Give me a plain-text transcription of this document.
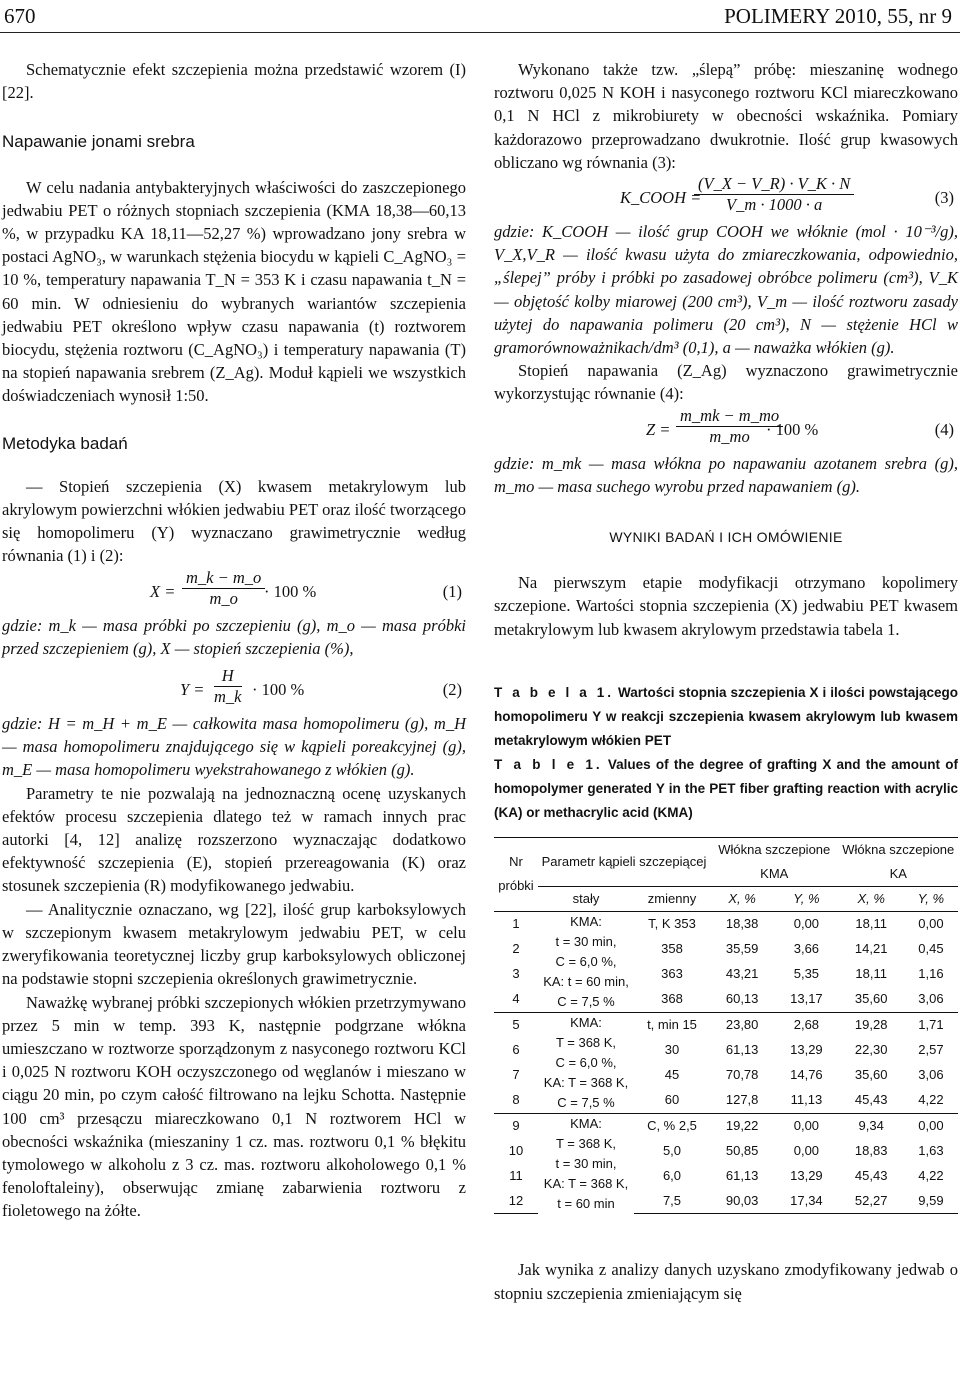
670	POLIMERY 2010, 55, nr 9

Schematycznie efekt szczepienia można przedstawić wzorem (I) [22].

Napawanie jonami srebra

W celu nadania antybakteryjnych właściwości do zaszczepionego jedwabiu PET o różnych stopniach szczepienia (KMA 18,38—60,13 %, w przypadku KA 18,11—52,27 %) wprowadzano jony srebra w postaci AgNO₃, w warunkach stężenia biocydu w kąpieli C_AgNO₃ = 10 %, temperatury napawania T_N = 353 K i czasu napawania t_N = 60 min. W odniesieniu do wybranych wariantów szczepienia jedwabiu PET określono wpływ czasu napawania (t) roztworem biocydu, stężenia roztworu (C_AgNO₃) i temperatury napawania (T) na stopień napawania srebrem (Z_Ag). Moduł kąpieli we wszystkich doświadczeniach wynosił 1:50.

Metodyka badań

— Stopień szczepienia (X) kwasem metakrylowym lub akrylowym powierzchni włókien jedwabiu PET oraz ilość tworzącego się homopolimeru (Y) wyznaczano grawimetrycznie według równania (1) i (2):

$X = \frac{m\_k - m\_o}{m\_o}$
· 100 %	(1)

gdzie: m_k — masa próbki po szczepieniu (g), m_o — masa próbki przed szczepieniem (g), X — stopień szczepienia (%),

$Y = \frac{H}{m\_k} \cdot 100$ %	(2)

gdzie: H = m_H + m_E — całkowita masa homopolimeru (g), m_H — masa homopolimeru znajdującego się w kąpieli poreakcyjnej (g), m_E — masa homopolimeru wyekstrahowanego z włókien (g).

Parametry te nie pozwalają na jednoznaczną ocenę uzyskanych efektów procesu szczepienia dlatego też w ramach innych prac autorki [4, 12] analizę rozszerzono wyznaczając dodatkowo efektywność szczepienia (E), stopień przereagowania (K) oraz stosunek szczepienia (R) modyfikowanego jedwabiu.

— Analitycznie oznaczano, wg [22], ilość grup karboksylowych w szczepionym kwasem metakrylowym jedwabiu PET, w celu zweryfikowania teoretycznej liczby grup karboksylowych obliczonej na podstawie stopni szczepienia określonych grawimetrycznie.

Naważkę wybranej próbki szczepionych włókien przetrzymywano przez 5 min w temp. 393 K, następnie podgrzane włókna umieszczano w roztworze sporządzonym z nasyconego roztworu KCl i 0,025 N roztworu KOH oczyszczonego od węglanów i mieszano w ciągu 20 min, po czym całość filtrowano na lejku Schotta. Następnie 100 cm³ przesączu miareczkowano 0,1 N roztworem HCl w obecności wskaźnika (mieszaniny 1 cz. mas. roztworu 0,1 % błękitu tymolowego w alkoholu z 3 cz. mas. roztworu alkoholowego 0,1 % fenoloftaleiny), obserwując zmianę zabarwienia roztworu z fioletowego na żółte.

Wykonano także tzw. „ślepą” próbę: mieszaninę wodnego roztworu 0,025 N KOH i nasyconego roztworu KCl miareczkowano 0,1 N HCl z mikrobiurety w obecności wskaźnika. Pomiary każdorazowo przeprowadzano dwukrotnie. Ilość grup kwasowych obliczano wg równania (3):

K_COOH =
$\frac{(V\_X - V\_R) \cdot V\_K \cdot N}{V\_m \cdot 1000 \cdot a}$	(3)

gdzie: K_COOH — ilość grup COOH we włóknie (mol · 10⁻³/g), V_X,V_R — ilość kwasu użyta do zmiareczkowania, odpowiednio, „ślepej” próby i próbki po zasadowej obróbce polimeru (cm³), V_K — objętość kolby miarowej (200 cm³), V_m — ilość roztworu zasady użytej do napawania polimeru (20 cm³), N — stężenie HCl w gramorównoważnikach/dm³ (0,1), a — naważka włókien (g).

Stopień napawania (Z_Ag) wyznaczono grawimetrycznie wykorzystując równanie (4):

$Z = \frac{m\_mk - m\_mo}{m\_mo}$
· 100 %	(4)

gdzie: m_mk — masa włókna po napawaniu azotanem srebra (g), m_mo — masa suchego wyrobu przed napawaniem (g).

WYNIKI BADAŃ I ICH OMÓWIENIE

Na pierwszym etapie modyfikacji otrzymano kopolimery szczepione. Wartości stopnia szczepienia (X) jedwabiu PET kwasem metakrylowym lub kwasem akrylowym przedstawia tabela 1.

T a b e l a 1. Wartości stopnia szczepienia X i ilości powstającego homopolimeru Y w reakcji szczepienia kwasem akrylowym lub kwasem metakrylowym włókien PET
T a b l e 1. Values of the degree of grafting X and the amount of homopolymer generated Y in the PET fiber grafting reaction with acrylic (KA) or methacrylic acid (KMA)
Nr próbki	Parametr kąpieli szczepiącej		Włókna szczepione KMA		Włókna szczepione KA	
	stały	zmienny	X, %	Y, %	X, %	Y, %
1	KMA:
t = 30 min,
C = 6,0 %,
KA: t = 60 min,
C = 7,5 %	T, K 353	18,38	0,00	18,11	0,00
2		358	35,59	3,66	14,21	0,45
3		363	43,21	5,35	18,11	1,16
4		368	60,13	13,17	35,60	3,06
5	KMA:
T = 368 K,
C = 6,0 %,
KA: T = 368 K,
C = 7,5 %	t, min 15	23,80	2,68	19,28	1,71
6		30	61,13	13,29	22,30	2,57
7		45	70,78	14,76	35,60	3,06
8		60	127,8	11,13	45,43	4,22
9	KMA:
T = 368 K,
t = 30 min,
KA: T = 368 K,
t = 60 min	C, % 2,5	19,22	0,00	9,34	0,00
10		5,0	50,85	0,00	18,83	1,63
11		6,0	61,13	13,29	45,43	4,22
12		7,5	90,03	17,34	52,27	9,59

Jak wynika z analizy danych uzyskano zmodyfikowany jedwab o stopniu szczepienia zmieniającym się
